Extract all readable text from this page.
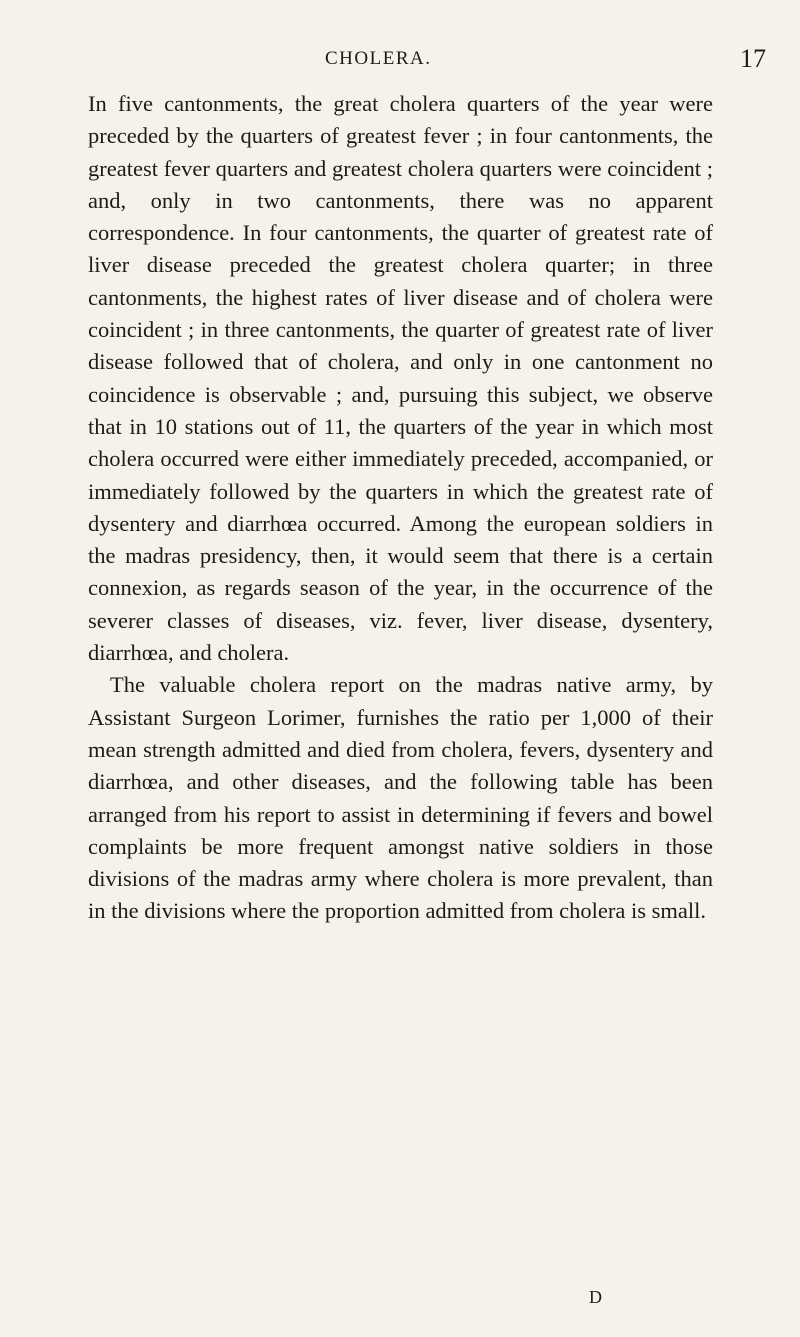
CHOLERA.	17

In five cantonments, the great cholera quarters of the year were preceded by the quarters of greatest fever ; in four cantonments, the greatest fever quarters and greatest cholera quarters were coincident ; and, only in two cantonments, there was no apparent correspondence. In four cantonments, the quarter of greatest rate of liver disease preceded the greatest cholera quarter; in three cantonments, the highest rates of liver disease and of cholera were coincident ; in three cantonments, the quarter of greatest rate of liver disease followed that of cholera, and only in one cantonment no coincidence is observable ; and, pursuing this subject, we observe that in 10 stations out of 11, the quarters of the year in which most cholera occurred were either immediately preceded, accompanied, or immediately followed by the quarters in which the greatest rate of dysentery and diarrhœa occurred. Among the european soldiers in the madras presidency, then, it would seem that there is a certain connexion, as regards season of the year, in the occurrence of the severer classes of diseases, viz. fever, liver disease, dysentery, diarrhœa, and cholera.

The valuable cholera report on the madras native army, by Assistant Surgeon Lorimer, furnishes the ratio per 1,000 of their mean strength admitted and died from cholera, fevers, dysentery and diarrhœa, and other diseases, and the following table has been arranged from his report to assist in determining if fevers and bowel complaints be more frequent amongst native soldiers in those divisions of the madras army where cholera is more prevalent, than in the divisions where the proportion admitted from cholera is small.

D
